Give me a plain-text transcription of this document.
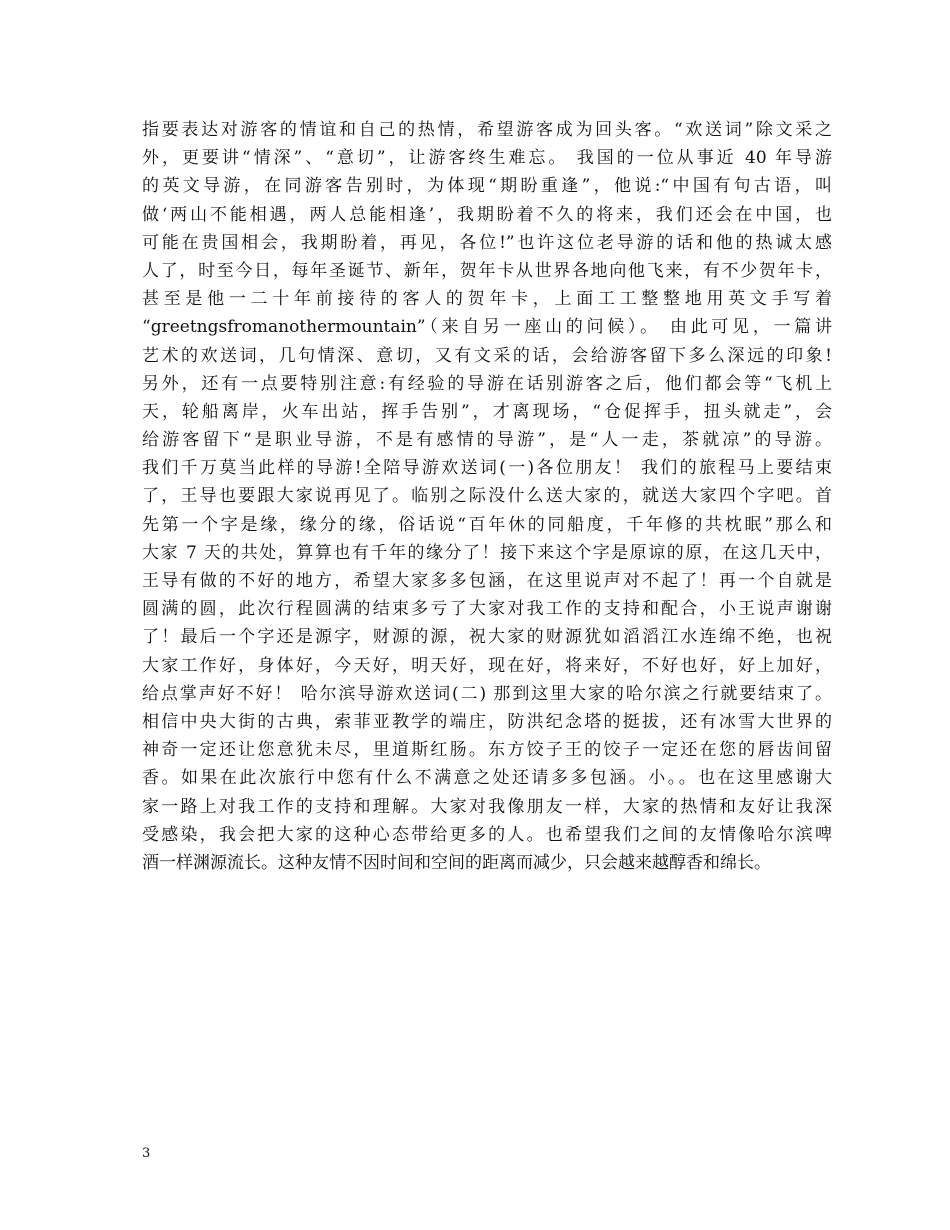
指要表达对游客的情谊和自己的热情，希望游客成为回头客。“欢送词”除文采之
外，更要讲“情深”、“意切”，让游客终生难忘。 我国的一位从事近 40 年导游
的英文导游，在同游客告别时，为体现“期盼重逢”，他说:“中国有句古语，叫
做‘两山不能相遇，两人总能相逢’，我期盼着不久的将来，我们还会在中国，也
可能在贵国相会，我期盼着，再见，各位!”也许这位老导游的话和他的热诚太感
人了，时至今日，每年圣诞节、新年，贺年卡从世界各地向他飞来，有不少贺年卡，
甚至是他一二十年前接待的客人的贺年卡，上面工工整整地用英文手写着
“greetngsfromanothermountain”（来自另一座山的问候）。 由此可见，一篇讲
艺术的欢送词，几句情深、意切，又有文采的话，会给游客留下多么深远的印象!
另外，还有一点要特别注意:有经验的导游在话别游客之后，他们都会等“飞机上
天，轮船离岸，火车出站，挥手告别”，才离现场，“仓促挥手，扭头就走”，会
给游客留下“是职业导游，不是有感情的导游”，是“人一走，茶就凉”的导游。
我们千万莫当此样的导游!全陪导游欢送词(一)各位朋友！ 我们的旅程马上要结束
了，王导也要跟大家说再见了。临别之际没什么送大家的，就送大家四个字吧。首
先第一个字是缘，缘分的缘，俗话说“百年休的同船度，千年修的共枕眠”那么和
大家 7 天的共处，算算也有千年的缘分了！接下来这个字是原谅的原，在这几天中，
王导有做的不好的地方，希望大家多多包涵，在这里说声对不起了！再一个自就是
圆满的圆，此次行程圆满的结束多亏了大家对我工作的支持和配合，小王说声谢谢
了！最后一个字还是源字，财源的源，祝大家的财源犹如滔滔江水连绵不绝，也祝
大家工作好，身体好，今天好，明天好，现在好，将来好，不好也好，好上加好，
给点掌声好不好！ 哈尔滨导游欢送词(二) 那到这里大家的哈尔滨之行就要结束了。
相信中央大街的古典，索菲亚教学的端庄，防洪纪念塔的挺拔，还有冰雪大世界的
神奇一定还让您意犹未尽，里道斯红肠。东方饺子王的饺子一定还在您的唇齿间留
香。如果在此次旅行中您有什么不满意之处还请多多包涵。小。。也在这里感谢大
家一路上对我工作的支持和理解。大家对我像朋友一样，大家的热情和友好让我深
受感染，我会把大家的这种心态带给更多的人。也希望我们之间的友情像哈尔滨啤
酒一样渊源流长。这种友情不因时间和空间的距离而减少，只会越来越醇香和绵长。
3
